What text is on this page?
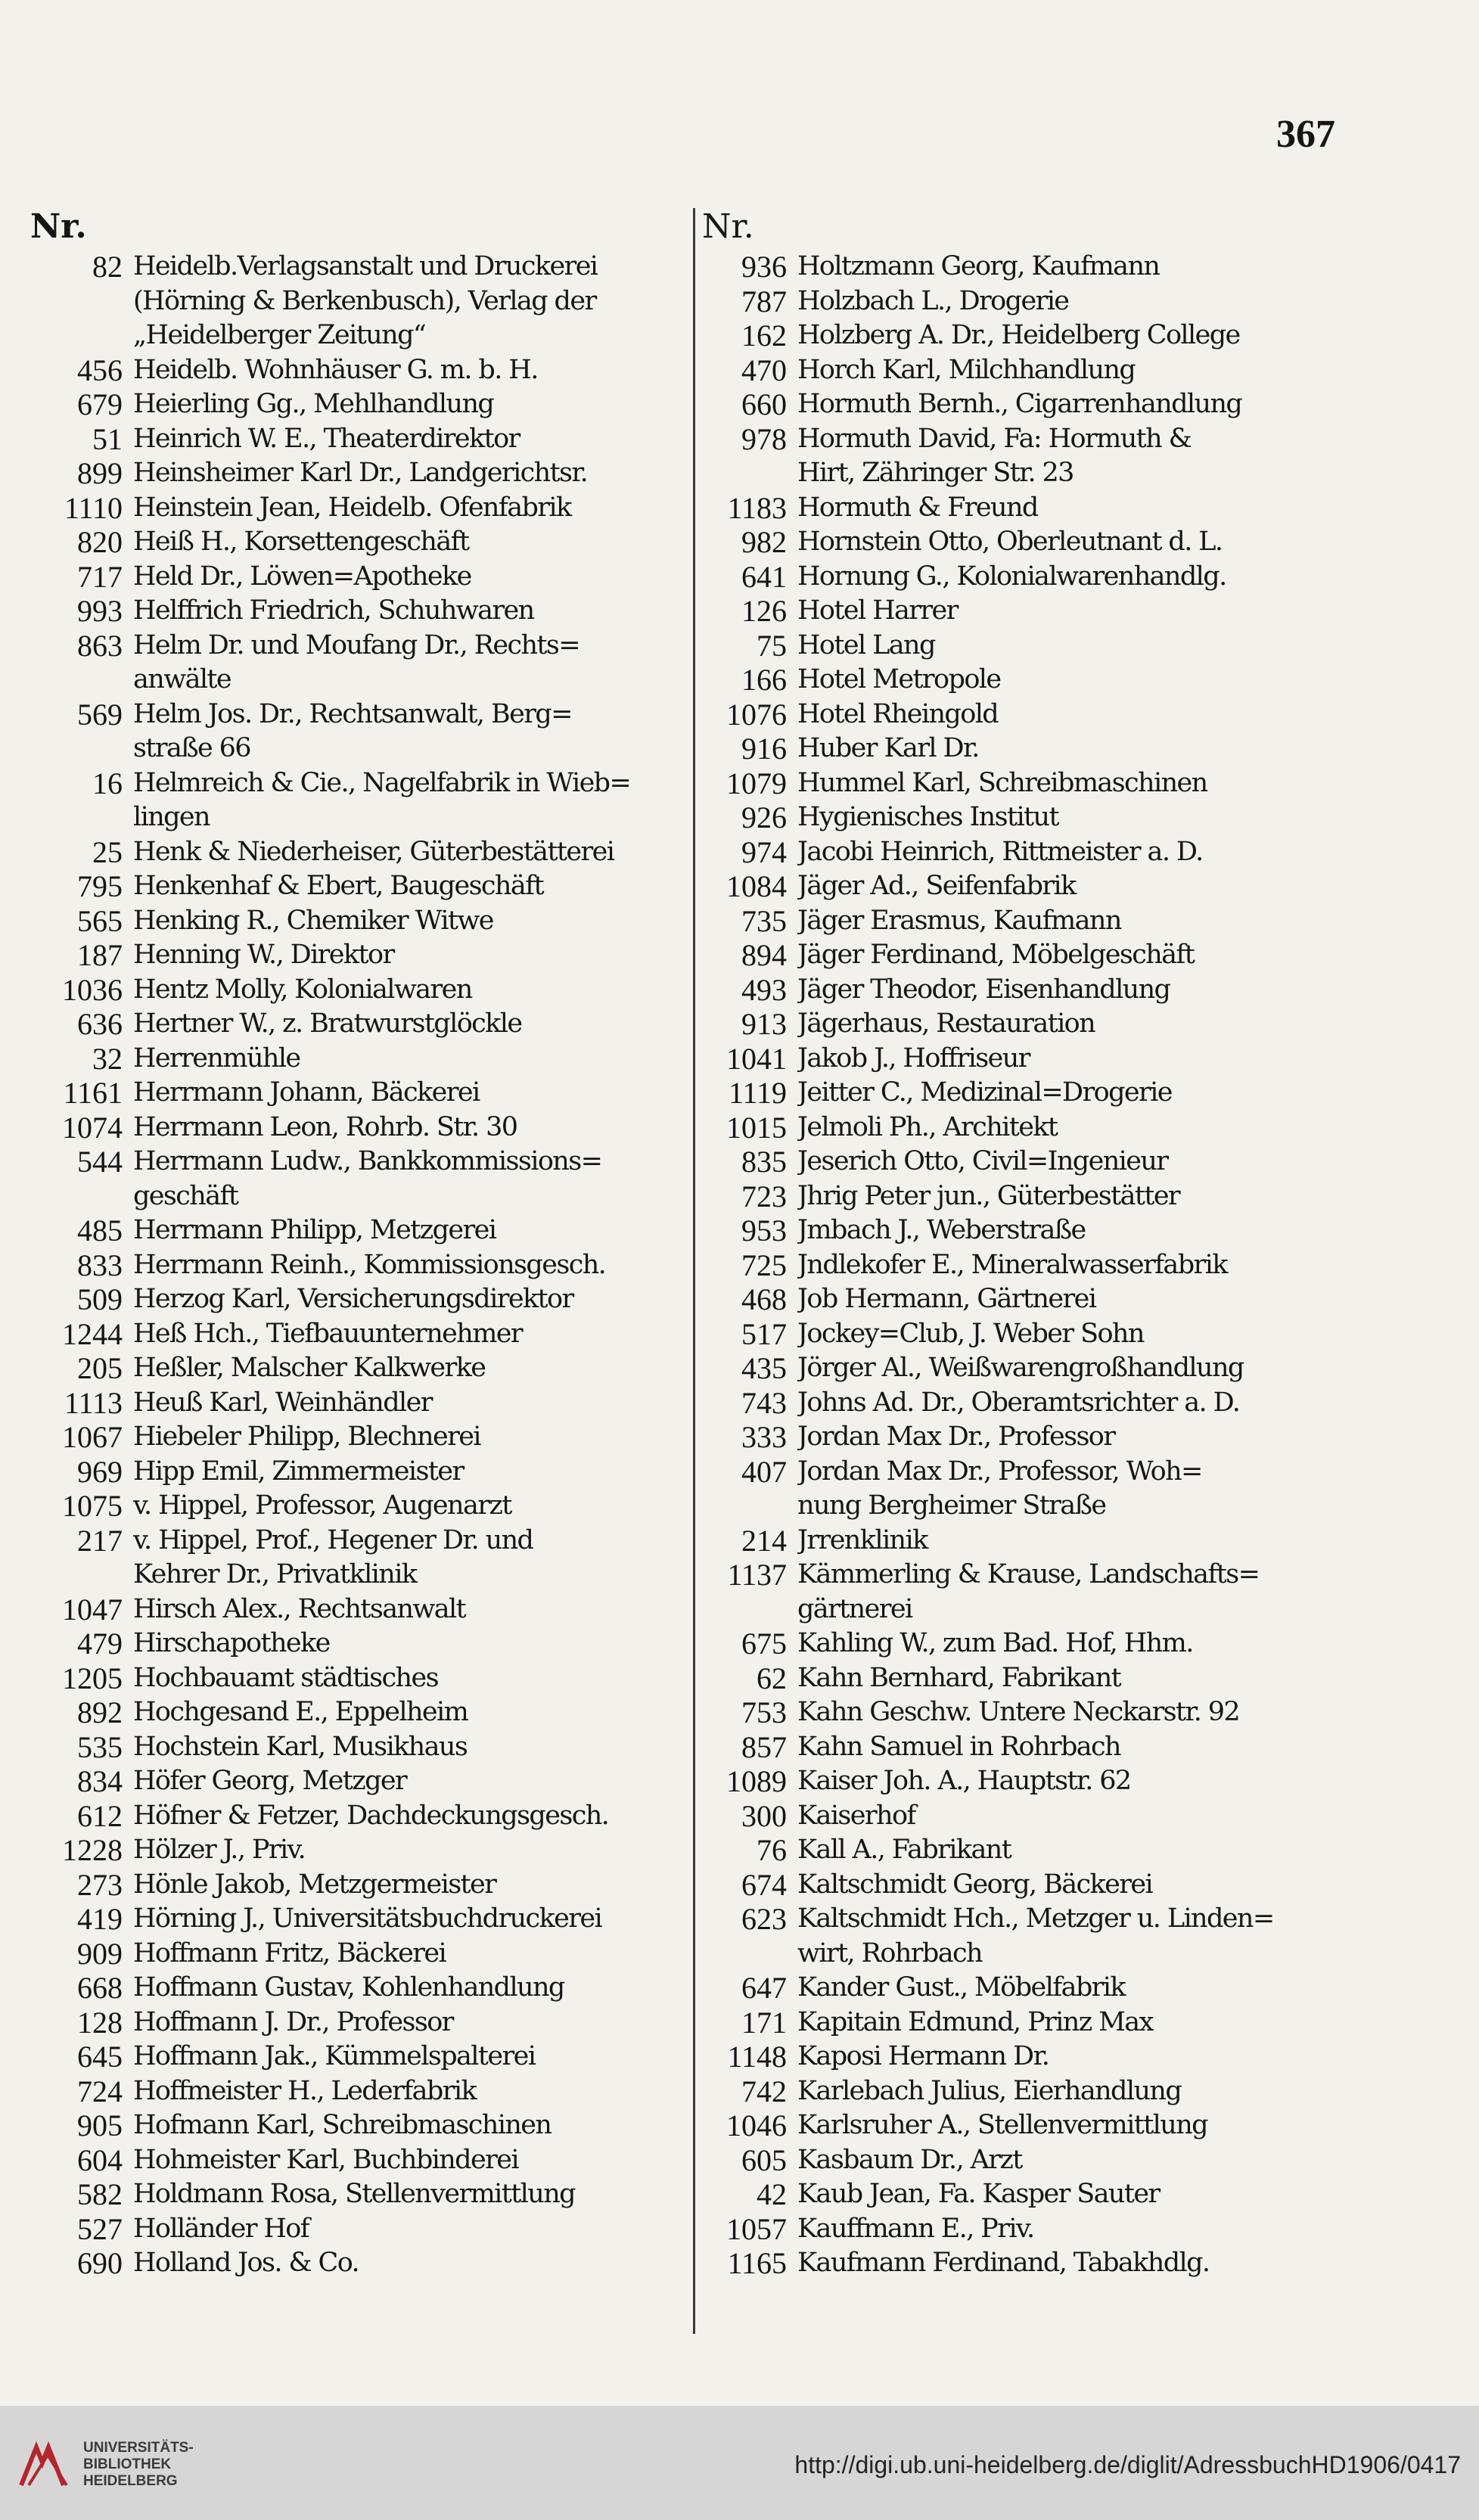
367
Nr.
82 Heidelb.Verlagsanstalt und Druckerei
(Hörning & Berkenbusch), Verlag der
„Heidelberger Zeitung“
456 Heidelb. Wohnhäuser G. m. b. H.
679 Heierling Gg., Mehlhandlung
51 Heinrich W. E., Theaterdirektor
899 Heinsheimer Karl Dr., Landgerichtsr.
1110 Heinstein Jean, Heidelb. Ofenfabrik
820 Heiß H., Korsettengeschäft
717 Held Dr., Löwen=Apotheke
993 Helffrich Friedrich, Schuhwaren
863 Helm Dr. und Moufang Dr., Rechts=
anwälte
569 Helm Jos. Dr., Rechtsanwalt, Berg=
straße 66
16 Helmreich & Cie., Nagelfabrik in Wieb=
lingen
25 Henk & Niederheiser, Güterbestätterei
795 Henkenhaf & Ebert, Baugeschäft
565 Henking R., Chemiker Witwe
187 Henning W., Direktor
1036 Hentz Molly, Kolonialwaren
636 Hertner W., z. Bratwurstglöckle
32 Herrenmühle
1161 Herrmann Johann, Bäckerei
1074 Herrmann Leon, Rohrb. Str. 30
544 Herrmann Ludw., Bankkommissions=
geschäft
485 Herrmann Philipp, Metzgerei
833 Herrmann Reinh., Kommissionsgesch.
509 Herzog Karl, Versicherungsdirektor
1244 Heß Hch., Tiefbauunternehmer
205 Heßler, Malscher Kalkwerke
1113 Heuß Karl, Weinhändler
1067 Hiebeler Philipp, Blechnerei
969 Hipp Emil, Zimmermeister
1075 v. Hippel, Professor, Augenarzt
217 v. Hippel, Prof., Hegener Dr. und
Kehrer Dr., Privatklinik
1047 Hirsch Alex., Rechtsanwalt
479 Hirschapotheke
1205 Hochbauamt städtisches
892 Hochgesand E., Eppelheim
535 Hochstein Karl, Musikhaus
834 Höfer Georg, Metzger
612 Höfner & Fetzer, Dachdeckungsgesch.
1228 Hölzer J., Priv.
273 Hönle Jakob, Metzgermeister
419 Hörning J., Universitätsbuchdruckerei
909 Hoffmann Fritz, Bäckerei
668 Hoffmann Gustav, Kohlenhandlung
128 Hoffmann J. Dr., Professor
645 Hoffmann Jak., Kümmelspalterei
724 Hoffmeister H., Lederfabrik
905 Hofmann Karl, Schreibmaschinen
604 Hohmeister Karl, Buchbinderei
582 Holdmann Rosa, Stellenvermittlung
527 Holländer Hof
690 Holland Jos. & Co.
Nr.
936 Holtzmann Georg, Kaufmann
787 Holzbach L., Drogerie
162 Holzberg A. Dr., Heidelberg College
470 Horch Karl, Milchhandlung
660 Hormuth Bernh., Cigarrenhandlung
978 Hormuth David, Fa: Hormuth &
Hirt, Zähringer Str. 23
1183 Hormuth & Freund
982 Hornstein Otto, Oberleutnant d. L.
641 Hornung G., Kolonialwarenhandlg.
126 Hotel Harrer
75 Hotel Lang
166 Hotel Metropole
1076 Hotel Rheingold
916 Huber Karl Dr.
1079 Hummel Karl, Schreibmaschinen
926 Hygienisches Institut
974 Jacobi Heinrich, Rittmeister a. D.
1084 Jäger Ad., Seifenfabrik
735 Jäger Erasmus, Kaufmann
894 Jäger Ferdinand, Möbelgeschäft
493 Jäger Theodor, Eisenhandlung
913 Jägerhaus, Restauration
1041 Jakob J., Hoffriseur
1119 Jeitter C., Medizinal=Drogerie
1015 Jelmoli Ph., Architekt
835 Jeserich Otto, Civil=Ingenieur
723 Jhrig Peter jun., Güterbestätter
953 Jmbach J., Weberstraße
725 Jndlekofer E., Mineralwasserfabrik
468 Job Hermann, Gärtnerei
517 Jockey=Club, J. Weber Sohn
435 Jörger Al., Weißwarengroßhandlung
743 Johns Ad. Dr., Oberamtsrichter a. D.
333 Jordan Max Dr., Professor
407 Jordan Max Dr., Professor, Woh=
nung Bergheimer Straße
214 Jrrenklinik
1137 Kämmerling & Krause, Landschafts=
gärtnerei
675 Kahling W., zum Bad. Hof, Hhm.
62 Kahn Bernhard, Fabrikant
753 Kahn Geschw. Untere Neckarstr. 92
857 Kahn Samuel in Rohrbach
1089 Kaiser Joh. A., Hauptstr. 62
300 Kaiserhof
76 Kall A., Fabrikant
674 Kaltschmidt Georg, Bäckerei
623 Kaltschmidt Hch., Metzger u. Linden=
wirt, Rohrbach
647 Kander Gust., Möbelfabrik
171 Kapitain Edmund, Prinz Max
1148 Kaposi Hermann Dr.
742 Karlebach Julius, Eierhandlung
1046 Karlsruher A., Stellenvermittlung
605 Kasbaum Dr., Arzt
42 Kaub Jean, Fa. Kasper Sauter
1057 Kauffmann E., Priv.
1165 Kaufmann Ferdinand, Tabakhdlg.
UNIVERSITÄTS-
BIBLIOTHEK
HEIDELBERG
http://digi.ub.uni-heidelberg.de/diglit/AdressbuchHD1906/0417
